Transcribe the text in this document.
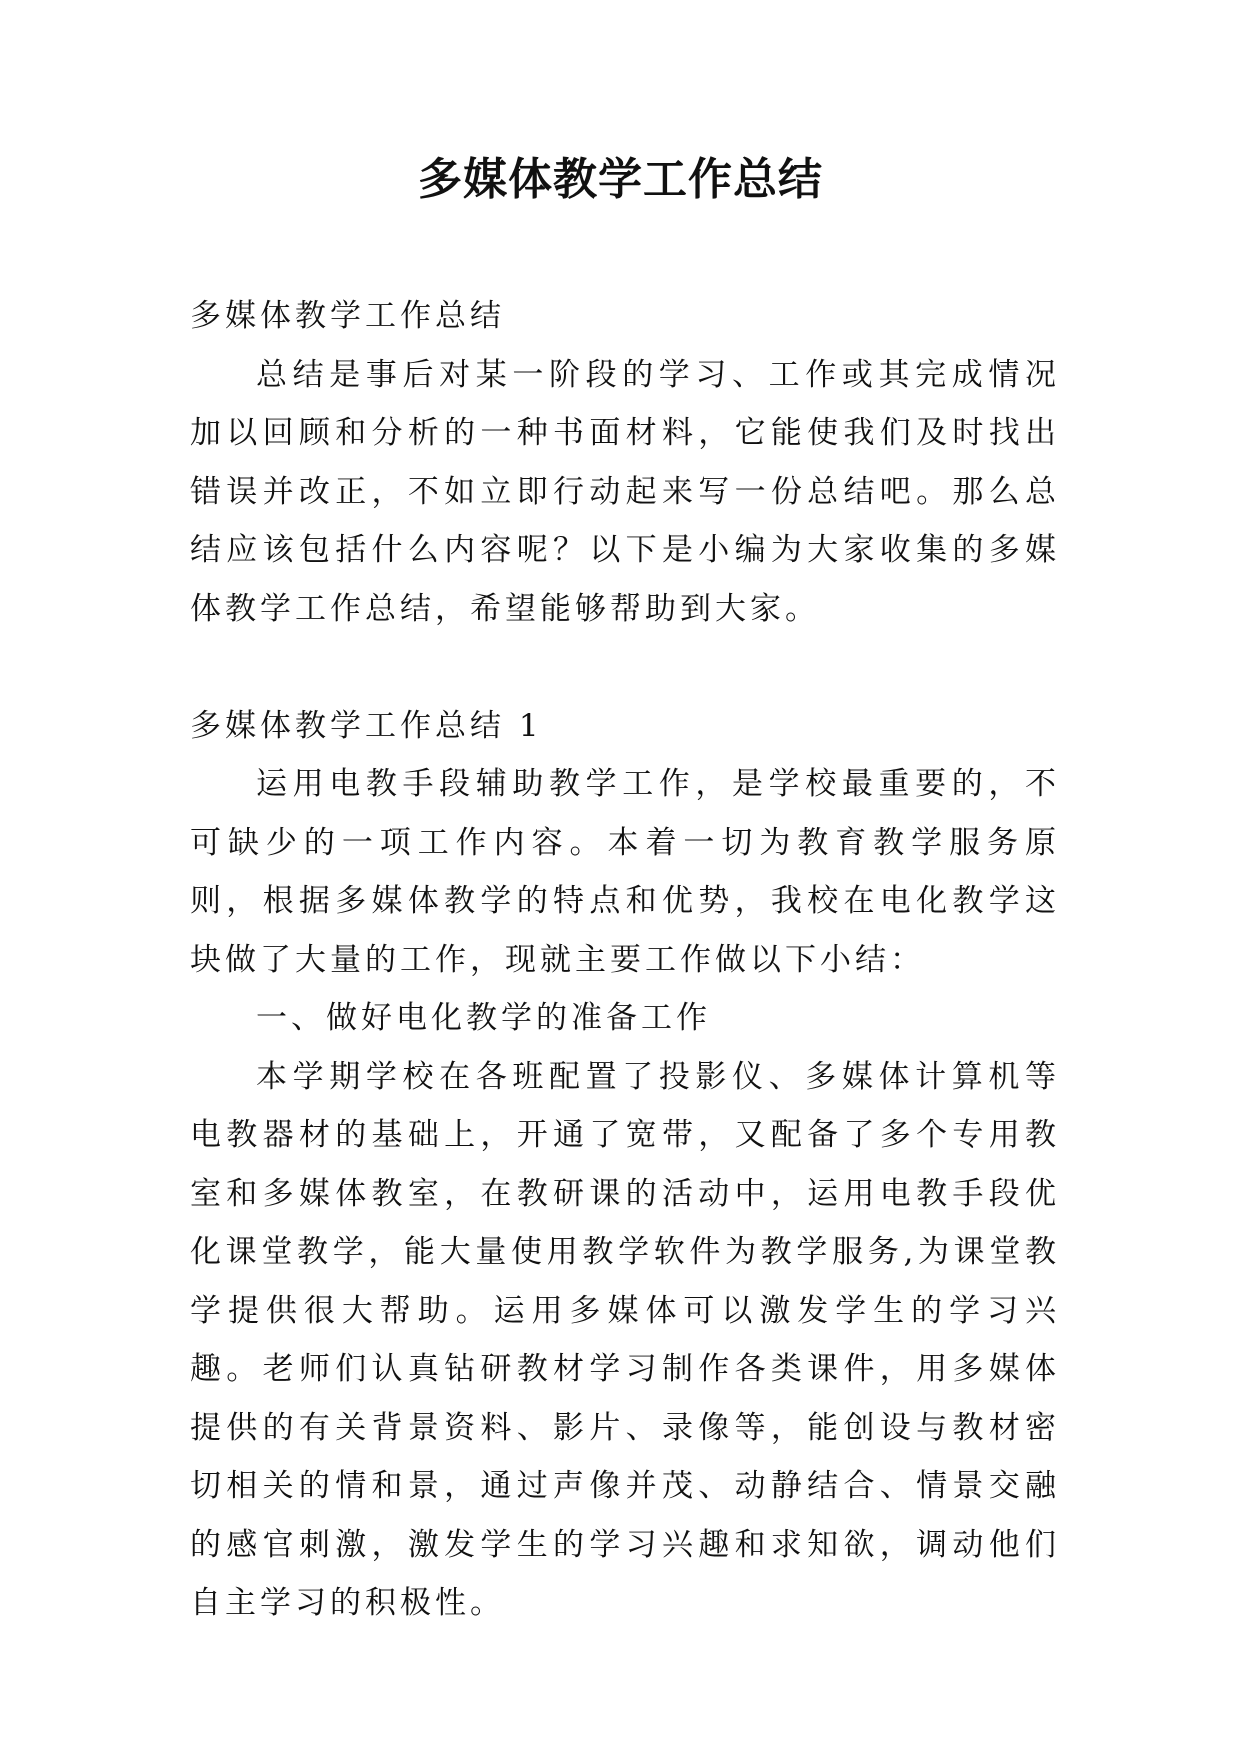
多媒体教学工作总结

多媒体教学工作总结

总结是事后对某一阶段的学习、工作或其完成情况加以回顾和分析的一种书面材料，它能使我们及时找出错误并改正，不如立即行动起来写一份总结吧。那么总结应该包括什么内容呢？以下是小编为大家收集的多媒体教学工作总结，希望能够帮助到大家。

多媒体教学工作总结 1

运用电教手段辅助教学工作，是学校最重要的，不可缺少的一项工作内容。本着一切为教育教学服务原则，根据多媒体教学的特点和优势，我校在电化教学这块做了大量的工作，现就主要工作做以下小结：

一、做好电化教学的准备工作

本学期学校在各班配置了投影仪、多媒体计算机等电教器材的基础上，开通了宽带，又配备了多个专用教室和多媒体教室，在教研课的活动中，运用电教手段优化课堂教学，能大量使用教学软件为教学服务,为课堂教学提供很大帮助。运用多媒体可以激发学生的学习兴趣。老师们认真钻研教材学习制作各类课件，用多媒体提供的有关背景资料、影片、录像等，能创设与教材密切相关的情和景，通过声像并茂、动静结合、情景交融的感官刺激，激发学生的学习兴趣和求知欲，调动他们自主学习的积极性。
